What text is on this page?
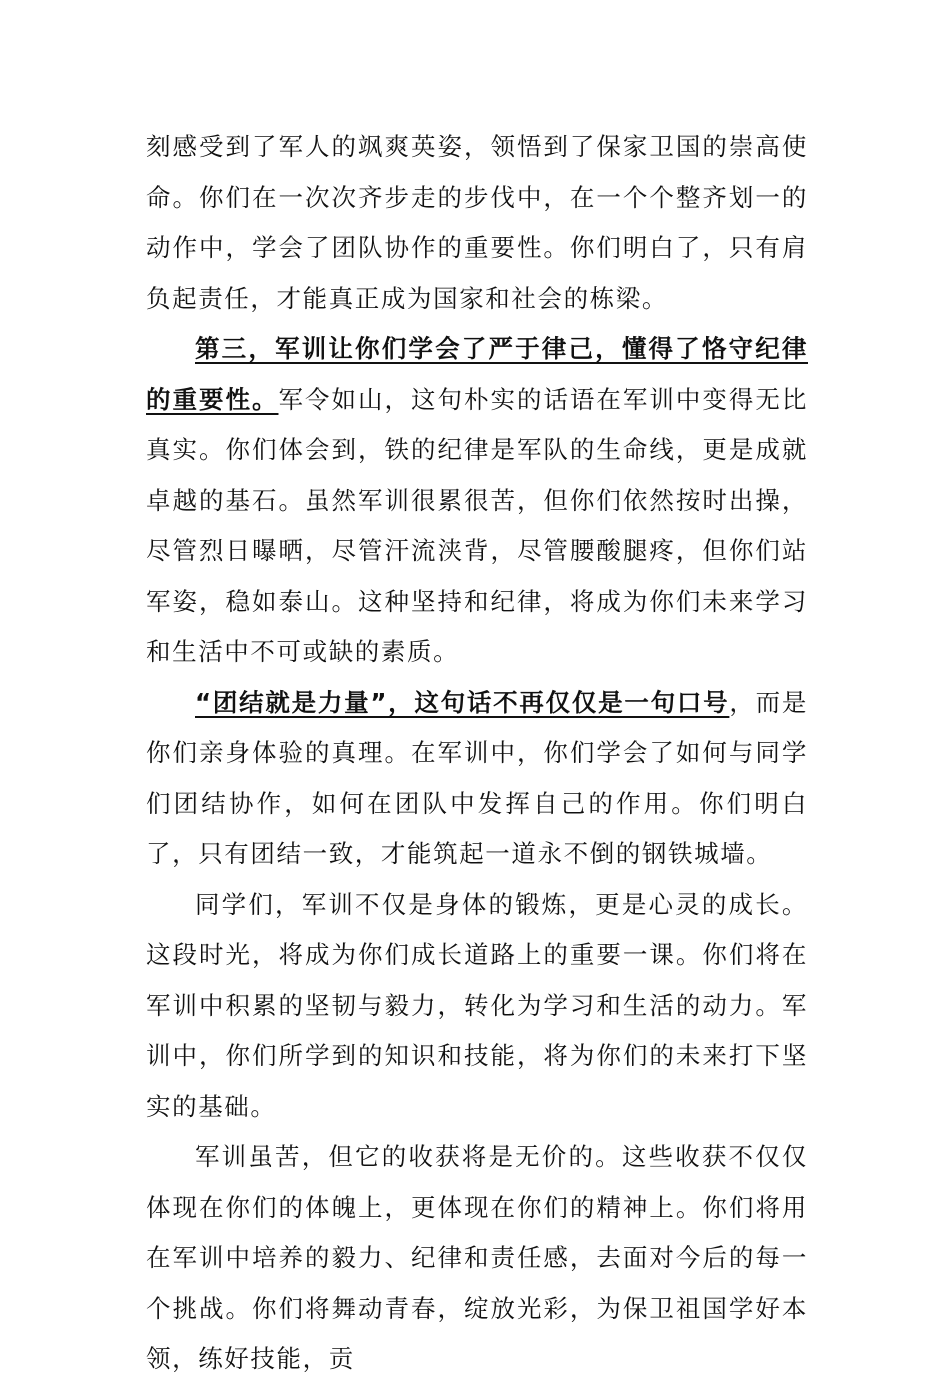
刻感受到了军人的飒爽英姿，领悟到了保家卫国的崇高使命。你们在一次次齐步走的步伐中，在一个个整齐划一的动作中，学会了团队协作的重要性。你们明白了，只有肩负起责任，才能真正成为国家和社会的栋梁。

第三，军训让你们学会了严于律己，懂得了恪守纪律的重要性。军令如山，这句朴实的话语在军训中变得无比真实。你们体会到，铁的纪律是军队的生命线，更是成就卓越的基石。虽然军训很累很苦，但你们依然按时出操，尽管烈日曝晒，尽管汗流浃背，尽管腰酸腿疼，但你们站军姿，稳如泰山。这种坚持和纪律，将成为你们未来学习和生活中不可或缺的素质。

“团结就是力量”，这句话不再仅仅是一句口号，而是你们亲身体验的真理。在军训中，你们学会了如何与同学们团结协作，如何在团队中发挥自己的作用。你们明白了，只有团结一致，才能筑起一道永不倒的钢铁城墙。

同学们，军训不仅是身体的锻炼，更是心灵的成长。这段时光，将成为你们成长道路上的重要一课。你们将在军训中积累的坚韧与毅力，转化为学习和生活的动力。军训中，你们所学到的知识和技能，将为你们的未来打下坚实的基础。

军训虽苦，但它的收获将是无价的。这些收获不仅仅体现在你们的体魄上，更体现在你们的精神上。你们将用在军训中培养的毅力、纪律和责任感，去面对今后的每一个挑战。你们将舞动青春，绽放光彩，为保卫祖国学好本领，练好技能，贡
